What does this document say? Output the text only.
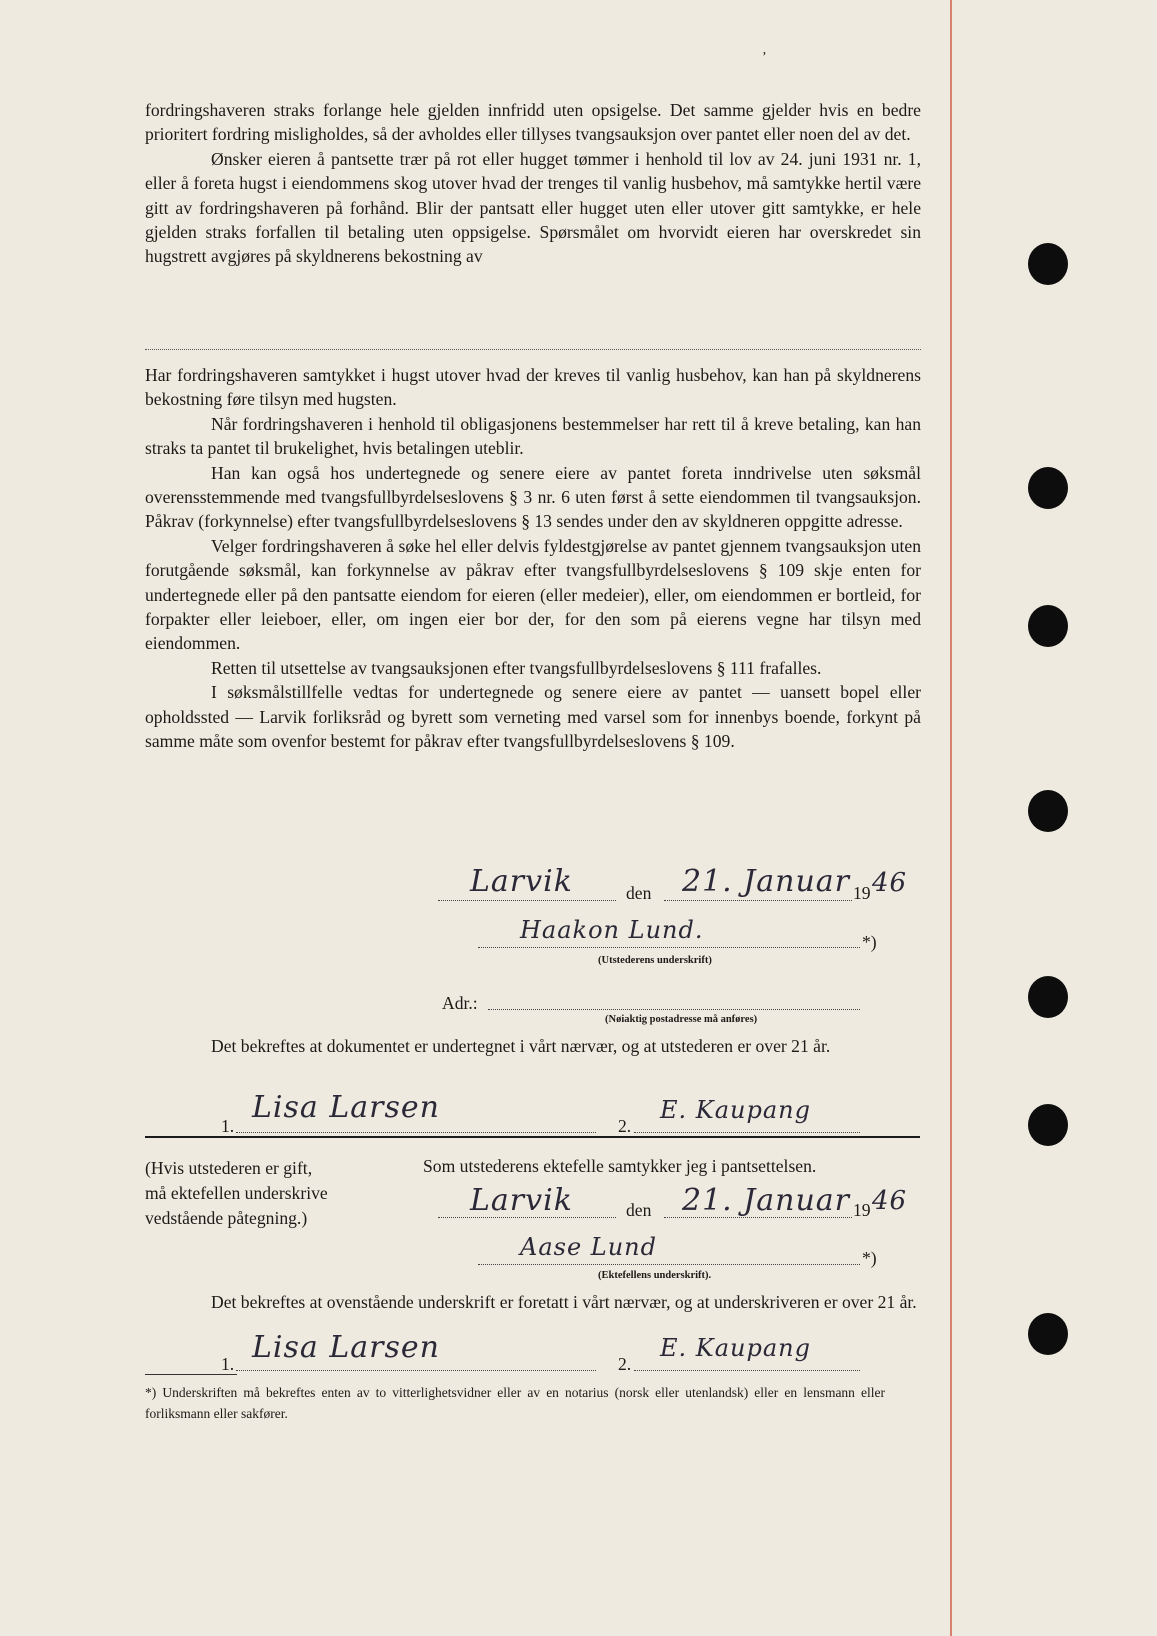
’

fordringshaveren straks forlange hele gjelden innfridd uten opsigelse. Det samme gjelder hvis en bedre prioritert fordring misligholdes, så der avholdes eller tillyses tvangsauksjon over pantet eller noen del av det.

Ønsker eieren å pantsette trær på rot eller hugget tømmer i henhold til lov av 24. juni 1931 nr. 1, eller å foreta hugst i eiendommens skog utover hvad der trenges til vanlig husbehov, må samtykke hertil være gitt av fordringshaveren på forhånd. Blir der pantsatt eller hugget uten eller utover gitt samtykke, er hele gjelden straks forfallen til betaling uten oppsigelse. Spørsmålet om hvorvidt eieren har overskredet sin hugstrett avgjøres på skyldnerens bekostning av

Har fordringshaveren samtykket i hugst utover hvad der kreves til vanlig husbehov, kan han på skyldnerens bekostning føre tilsyn med hugsten.

Når fordringshaveren i henhold til obligasjonens bestemmelser har rett til å kreve betaling, kan han straks ta pantet til brukelighet, hvis betalingen uteblir.

Han kan også hos undertegnede og senere eiere av pantet foreta inndrivelse uten søksmål overensstemmende med tvangsfullbyrdelseslovens § 3 nr. 6 uten først å sette eiendommen til tvangsauksjon. Påkrav (forkynnelse) efter tvangsfullbyrdelseslovens § 13 sendes under den av skyldneren oppgitte adresse.

Velger fordringshaveren å søke hel eller delvis fyldestgjørelse av pantet gjennem tvangsauksjon uten forutgående søksmål, kan forkynnelse av påkrav efter tvangsfullbyrdelseslovens § 109 skje enten for undertegnede eller på den pantsatte eiendom for eieren (eller medeier), eller, om eiendommen er bortleid, for forpakter eller leieboer, eller, om ingen eier bor der, for den som på eierens vegne har tilsyn med eiendommen.

Retten til utsettelse av tvangsauksjonen efter tvangsfullbyrdelseslovens § 111 frafalles.

I søksmålstillfelle vedtas for undertegnede og senere eiere av pantet — uansett bopel eller opholdssted — Larvik forliksråd og byrett som verneting med varsel som for innenbys boende, forkynt på samme måte som ovenfor bestemt for påkrav efter tvangsfullbyrdelseslovens § 109.

Larvik	den 21. Januar 19 46
Haakon Lund.	*)
(Utstederens underskrift)
Adr.:
(Nøiaktig postadresse må anføres)

Det bekreftes at dokumentet er undertegnet i vårt nærvær, og at utstederen er over 21 år.

1.
Lisa Larsen
2.
E. Kaupang
(Hvis utstederen er gift,
må ektefellen underskrive
vedstående påtegning.)
Som utstederens ektefelle samtykker jeg i pantsettelsen.
Larvik	den 21. Januar 19 46
Aase Lund	*)
(Ektefellens underskrift).

Det bekreftes at ovenstående underskrift er foretatt i vårt nærvær, og at underskriveren er over 21 år.

1. Lisa Larsen	2.
E. Kaupang
*) Underskriften må bekreftes enten av to vitterlighetsvidner eller av en notarius (norsk eller utenlandsk) eller en lensmann eller forliksmann eller sakfører.
